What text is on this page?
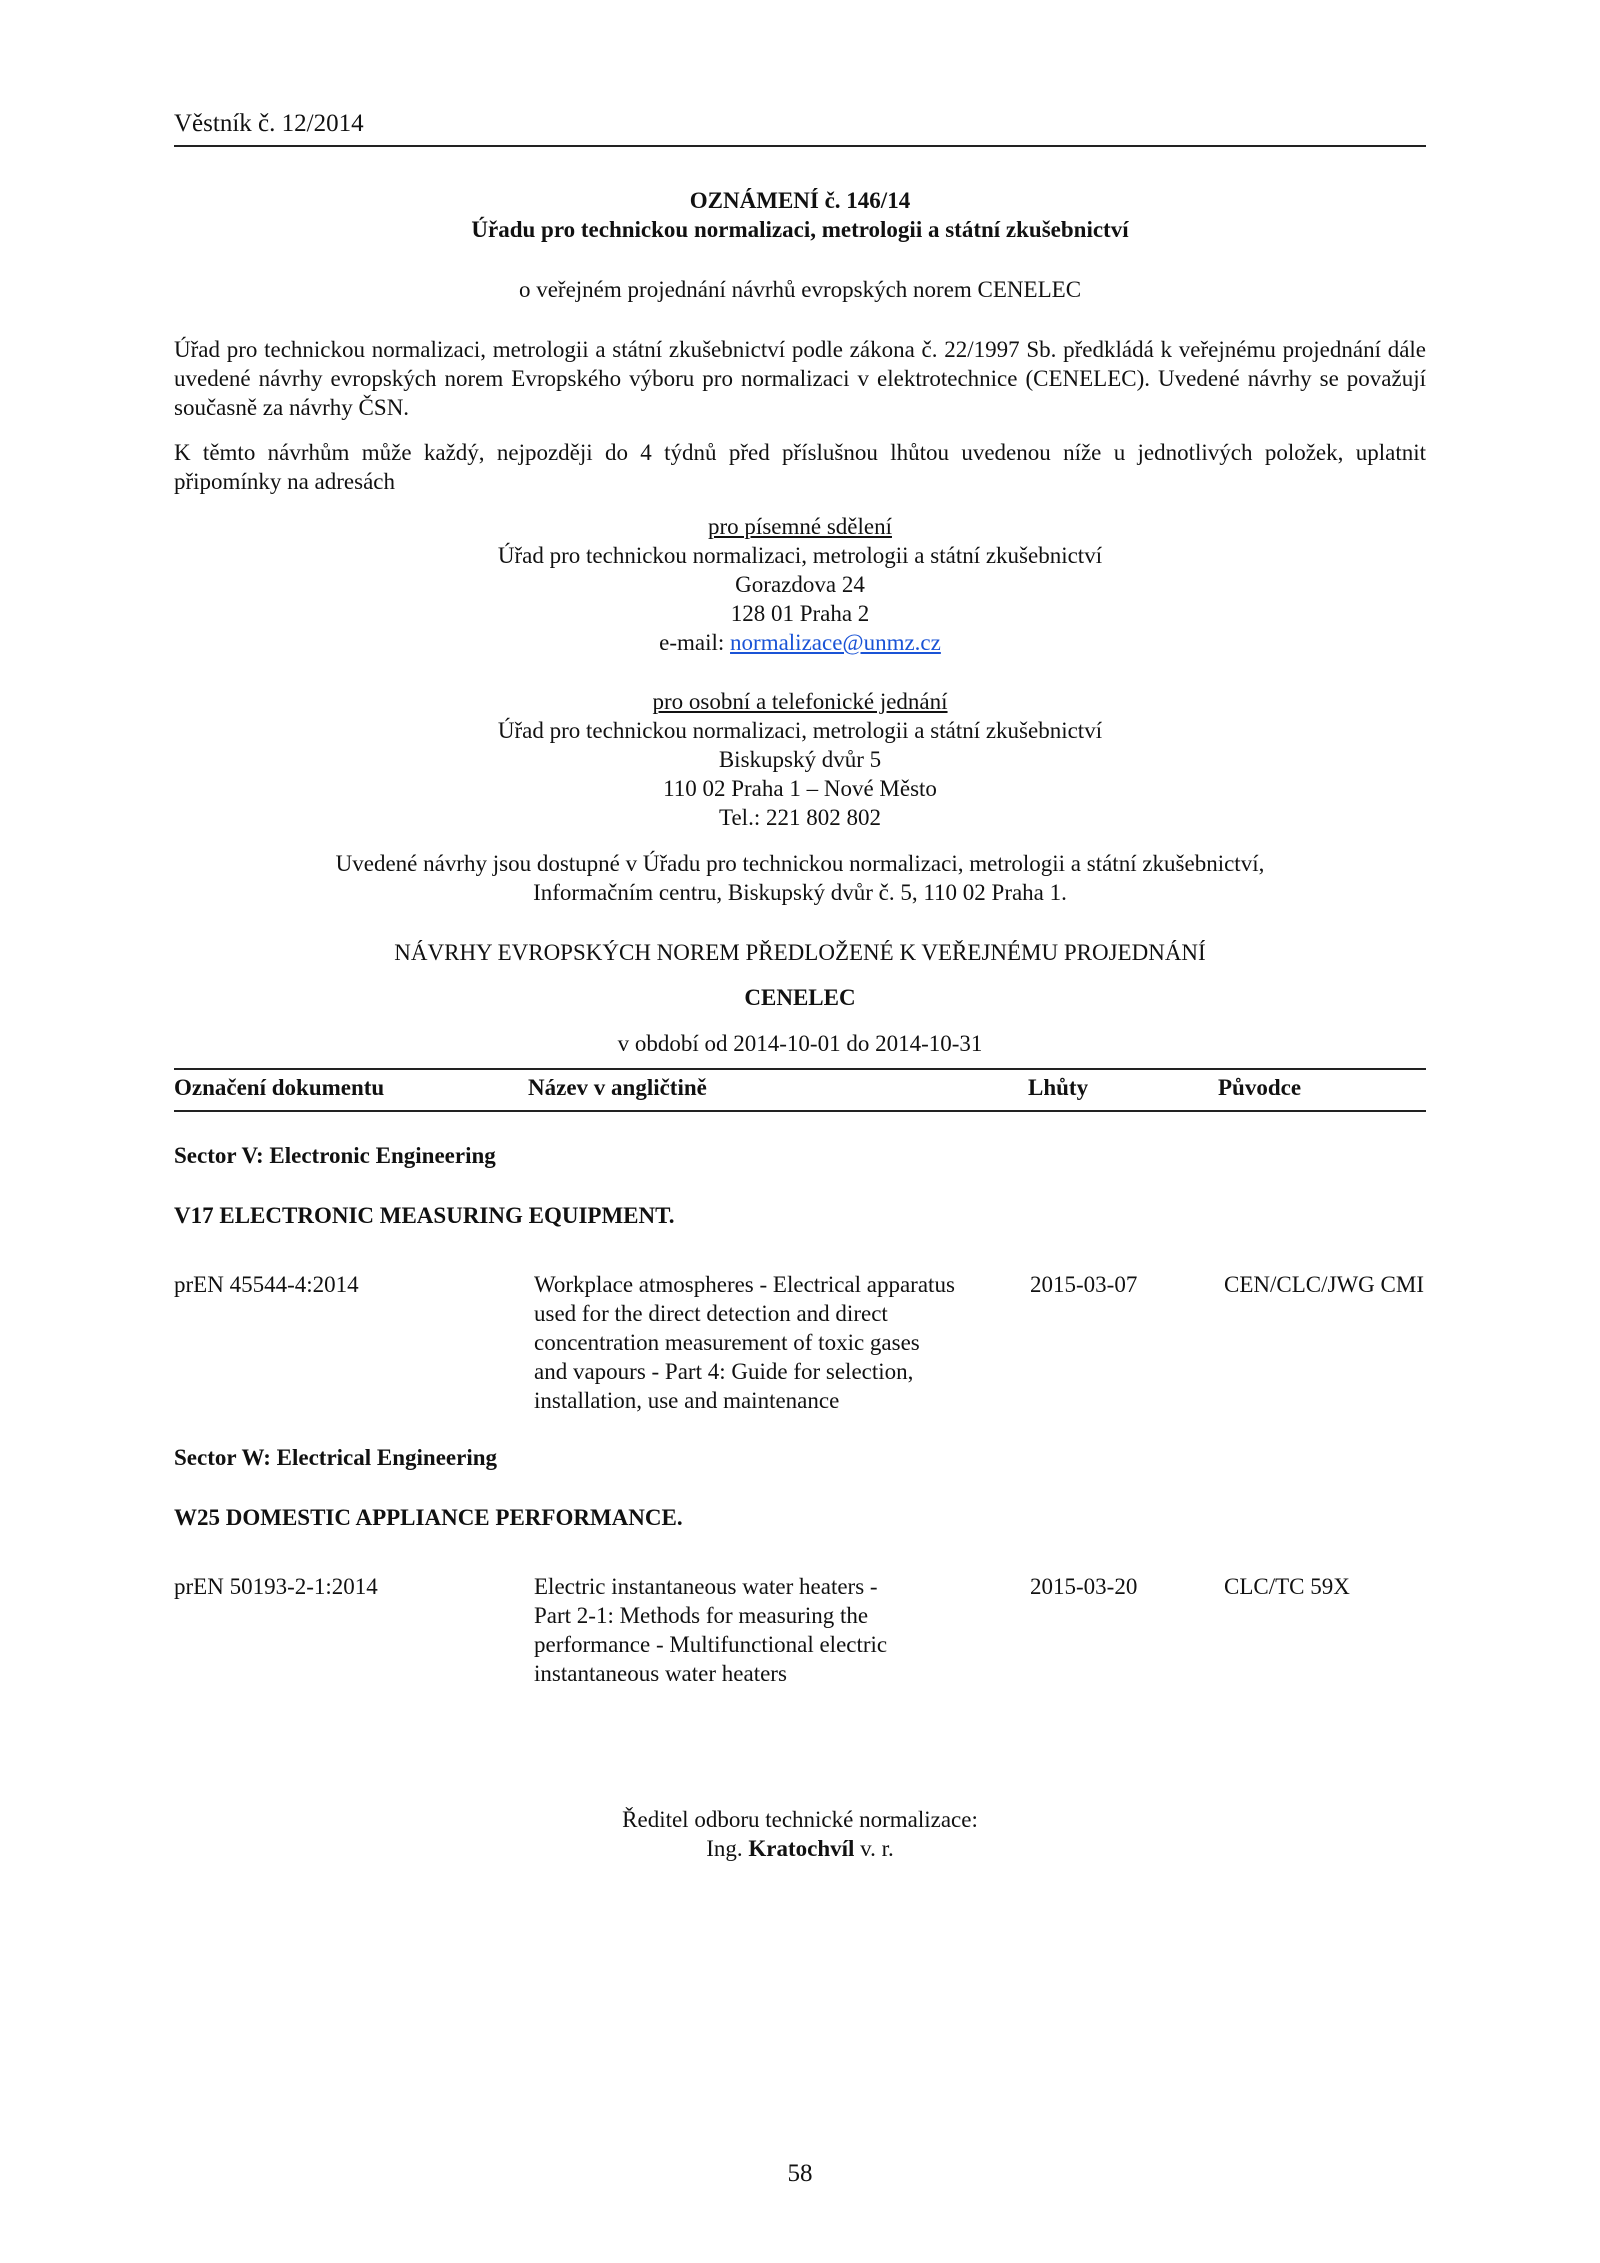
Věstník č. 12/2014
OZNÁMENÍ č. 146/14
Úřadu pro technickou normalizaci, metrologii a státní zkušebnictví
o veřejném projednání návrhů evropských norem CENELEC
Úřad pro technickou normalizaci, metrologii a státní zkušebnictví podle zákona č. 22/1997 Sb. předkládá k veřejnému projednání dále uvedené návrhy evropských norem Evropského výboru pro normalizaci v elektrotechnice (CENELEC). Uvedené návrhy se považují současně za návrhy ČSN.
K těmto návrhům může každý, nejpozději do 4 týdnů před příslušnou lhůtou uvedenou níže u jednotlivých položek, uplatnit připomínky na adresách
pro písemné sdělení
Úřad pro technickou normalizaci, metrologii a státní zkušebnictví
Gorazdova 24
128 01 Praha 2
e-mail: normalizace@unmz.cz
pro osobní a telefonické jednání
Úřad pro technickou normalizaci, metrologii a státní zkušebnictví
Biskupský dvůr 5
110 02 Praha 1 – Nové Město
Tel.: 221 802 802
Uvedené návrhy jsou dostupné v Úřadu pro technickou normalizaci, metrologii a státní zkušebnictví,
Informačním centru, Biskupský dvůr č. 5, 110 02 Praha 1.
NÁVRHY EVROPSKÝCH NOREM PŘEDLOŽENÉ K VEŘEJNÉMU PROJEDNÁNÍ
CENELEC
v období od 2014-10-01 do 2014-10-31
Označení dokumentu	Název v angličtině	Lhůty	Původce
Sector V: Electronic Engineering
V17 ELECTRONIC MEASURING EQUIPMENT.
prEN 45544-4:2014	Workplace atmospheres - Electrical apparatus
used for the direct detection and direct
concentration measurement of toxic gases
and vapours - Part 4: Guide for selection,
installation, use and maintenance
2015-03-07	CEN/CLC/JWG CMI
Sector W: Electrical Engineering
W25 DOMESTIC APPLIANCE PERFORMANCE.
prEN 50193-2-1:2014	Electric instantaneous water heaters -
Part 2-1: Methods for measuring the
performance - Multifunctional electric
instantaneous water heaters
2015-03-20	CLC/TC 59X
Ředitel odboru technické normalizace:
Ing. Kratochvíl v. r.
58
